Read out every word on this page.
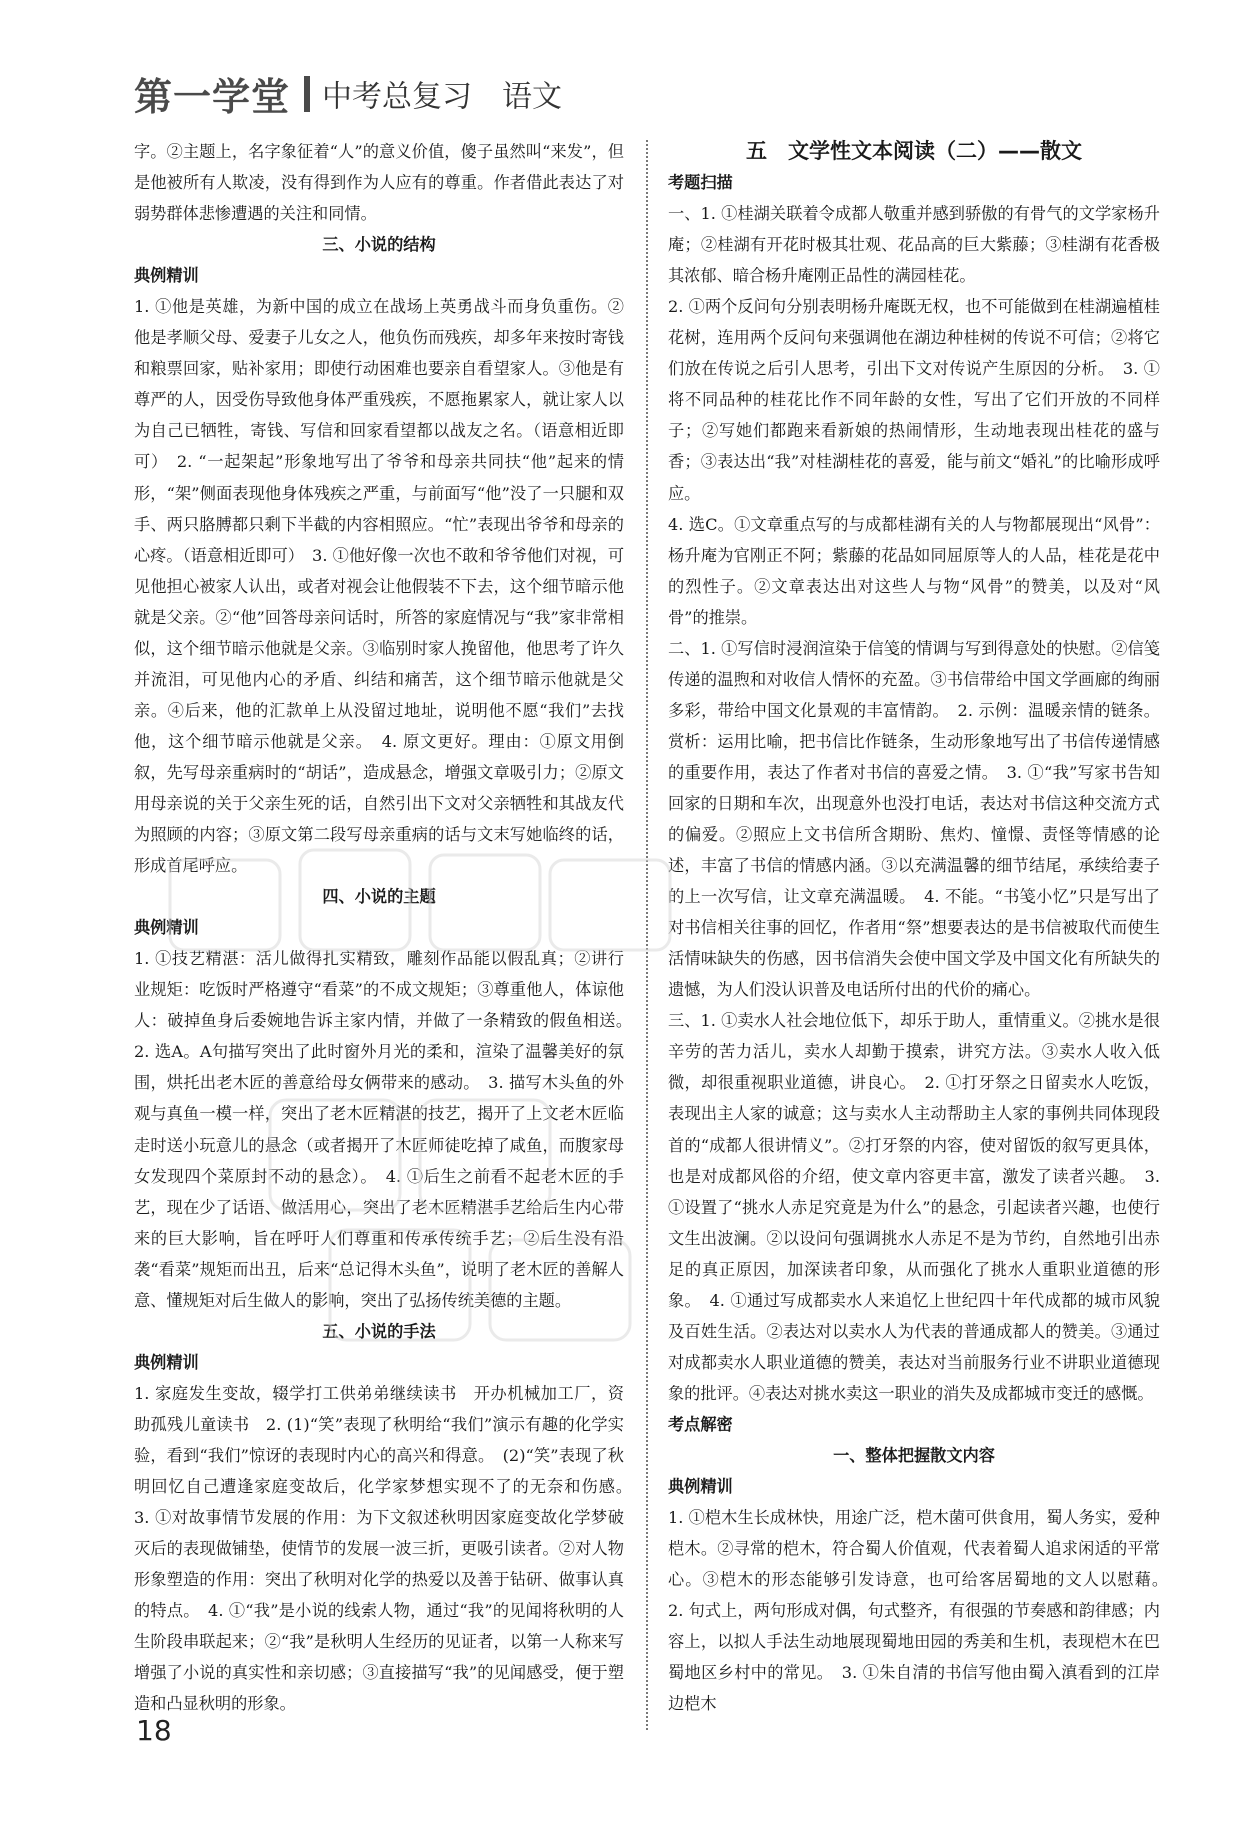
第一学堂 中考总复习　语文

字。②主题上，名字象征着“人”的意义价值，傻子虽然叫“来发”，但是他被所有人欺凌，没有得到作为人应有的尊重。作者借此表达了对弱势群体悲惨遭遇的关注和同情。

三、小说的结构

典例精训

1. ①他是英雄，为新中国的成立在战场上英勇战斗而身负重伤。②他是孝顺父母、爱妻子儿女之人，他负伤而残疾，却多年来按时寄钱和粮票回家，贴补家用；即使行动困难也要亲自看望家人。③他是有尊严的人，因受伤导致他身体严重残疾，不愿拖累家人，就让家人以为自己已牺牲，寄钱、写信和回家看望都以战友之名。（语意相近即可）　2. “一起架起”形象地写出了爷爷和母亲共同扶“他”起来的情形，“架”侧面表现他身体残疾之严重，与前面写“他”没了一只腿和双手、两只胳膊都只剩下半截的内容相照应。“忙”表现出爷爷和母亲的心疼。（语意相近即可）　3. ①他好像一次也不敢和爷爷他们对视，可见他担心被家人认出，或者对视会让他假装不下去，这个细节暗示他就是父亲。②“他”回答母亲问话时，所答的家庭情况与“我”家非常相似，这个细节暗示他就是父亲。③临别时家人挽留他，他思考了许久并流泪，可见他内心的矛盾、纠结和痛苦，这个细节暗示他就是父亲。④后来，他的汇款单上从没留过地址，说明他不愿“我们”去找他，这个细节暗示他就是父亲。　4. 原文更好。理由：①原文用倒叙，先写母亲重病时的“胡话”，造成悬念，增强文章吸引力；②原文用母亲说的关于父亲生死的话，自然引出下文对父亲牺牲和其战友代为照顾的内容；③原文第二段写母亲重病的话与文末写她临终的话，形成首尾呼应。

四、小说的主题

典例精训

1. ①技艺精湛：活儿做得扎实精致，雕刻作品能以假乱真；②讲行业规矩：吃饭时严格遵守“看菜”的不成文规矩；③尊重他人，体谅他人：破掉鱼身后委婉地告诉主家内情，并做了一条精致的假鱼相送。　2. 选A。A句描写突出了此时窗外月光的柔和，渲染了温馨美好的氛围，烘托出老木匠的善意给母女俩带来的感动。　3. 描写木头鱼的外观与真鱼一模一样，突出了老木匠精湛的技艺，揭开了上文老木匠临走时送小玩意儿的悬念（或者揭开了木匠师徒吃掉了咸鱼，而腹家母女发现四个菜原封不动的悬念）。　4. ①后生之前看不起老木匠的手艺，现在少了话语、做活用心，突出了老木匠精湛手艺给后生内心带来的巨大影响，旨在呼吁人们尊重和传承传统手艺；②后生没有沿袭“看菜”规矩而出丑，后来“总记得木头鱼”，说明了老木匠的善解人意、懂规矩对后生做人的影响，突出了弘扬传统美德的主题。

五、小说的手法

典例精训

1. 家庭发生变故，辍学打工供弟弟继续读书　开办机械加工厂，资助孤残儿童读书　2. (1)“笑”表现了秋明给“我们”演示有趣的化学实验，看到“我们”惊讶的表现时内心的高兴和得意。　(2)“笑”表现了秋明回忆自己遭逢家庭变故后，化学家梦想实现不了的无奈和伤感。　3. ①对故事情节发展的作用：为下文叙述秋明因家庭变故化学梦破灭后的表现做铺垫，使情节的发展一波三折，更吸引读者。②对人物形象塑造的作用：突出了秋明对化学的热爱以及善于钻研、做事认真的特点。　4. ①“我”是小说的线索人物，通过“我”的见闻将秋明的人生阶段串联起来；②“我”是秋明人生经历的见证者，以第一人称来写增强了小说的真实性和亲切感；③直接描写“我”的见闻感受，便于塑造和凸显秋明的形象。

五　文学性文本阅读（二）——散文

考题扫描

一、1. ①桂湖关联着令成都人敬重并感到骄傲的有骨气的文学家杨升庵；②桂湖有开花时极其壮观、花品高的巨大紫藤；③桂湖有花香极其浓郁、暗合杨升庵刚正品性的满园桂花。

2. ①两个反问句分别表明杨升庵既无权，也不可能做到在桂湖遍植桂花树，连用两个反问句来强调他在湖边种桂树的传说不可信；②将它们放在传说之后引人思考，引出下文对传说产生原因的分析。　3. ①将不同品种的桂花比作不同年龄的女性，写出了它们开放的不同样子；②写她们都跑来看新娘的热闹情形，生动地表现出桂花的盛与香；③表达出“我”对桂湖桂花的喜爱，能与前文“婚礼”的比喻形成呼应。

4. 选C。①文章重点写的与成都桂湖有关的人与物都展现出“风骨”：杨升庵为官刚正不阿；紫藤的花品如同屈原等人的人品，桂花是花中的烈性子。②文章表达出对这些人与物“风骨”的赞美，以及对“风骨”的推崇。

二、1. ①写信时浸润渲染于信笺的情调与写到得意处的快慰。②信笺传递的温煦和对收信人情怀的充盈。③书信带给中国文学画廊的绚丽多彩，带给中国文化景观的丰富情韵。　2. 示例：温暖亲情的链条。赏析：运用比喻，把书信比作链条，生动形象地写出了书信传递情感的重要作用，表达了作者对书信的喜爱之情。　3. ①“我”写家书告知回家的日期和车次，出现意外也没打电话，表达对书信这种交流方式的偏爱。②照应上文书信所含期盼、焦灼、憧憬、责怪等情感的论述，丰富了书信的情感内涵。③以充满温馨的细节结尾，承续给妻子的上一次写信，让文章充满温暖。　4. 不能。“书笺小忆”只是写出了对书信相关往事的回忆，作者用“祭”想要表达的是书信被取代而使生活情味缺失的伤感，因书信消失会使中国文学及中国文化有所缺失的遗憾，为人们没认识普及电话所付出的代价的痛心。

三、1. ①卖水人社会地位低下，却乐于助人，重情重义。②挑水是很辛劳的苦力活儿，卖水人却勤于摸索，讲究方法。③卖水人收入低微，却很重视职业道德，讲良心。　2. ①打牙祭之日留卖水人吃饭，表现出主人家的诚意；这与卖水人主动帮助主人家的事例共同体现段首的“成都人很讲情义”。②打牙祭的内容，使对留饭的叙写更具体，也是对成都风俗的介绍，使文章内容更丰富，激发了读者兴趣。　3. ①设置了“挑水人赤足究竟是为什么”的悬念，引起读者兴趣，也使行文生出波澜。②以设问句强调挑水人赤足不是为节约，自然地引出赤足的真正原因，加深读者印象，从而强化了挑水人重职业道德的形象。　4. ①通过写成都卖水人来追忆上世纪四十年代成都的城市风貌及百姓生活。②表达对以卖水人为代表的普通成都人的赞美。③通过对成都卖水人职业道德的赞美，表达对当前服务行业不讲职业道德现象的批评。④表达对挑水卖这一职业的消失及成都城市变迁的感慨。

考点解密

一、整体把握散文内容

典例精训

1. ①桤木生长成林快，用途广泛，桤木菌可供食用，蜀人务实，爱种桤木。②寻常的桤木，符合蜀人价值观，代表着蜀人追求闲适的平常心。③桤木的形态能够引发诗意，也可给客居蜀地的文人以慰藉。　2. 句式上，两句形成对偶，句式整齐，有很强的节奏感和韵律感；内容上，以拟人手法生动地展现蜀地田园的秀美和生机，表现桤木在巴蜀地区乡村中的常见。　3. ①朱自清的书信写他由蜀入滇看到的江岸边桤木

18
